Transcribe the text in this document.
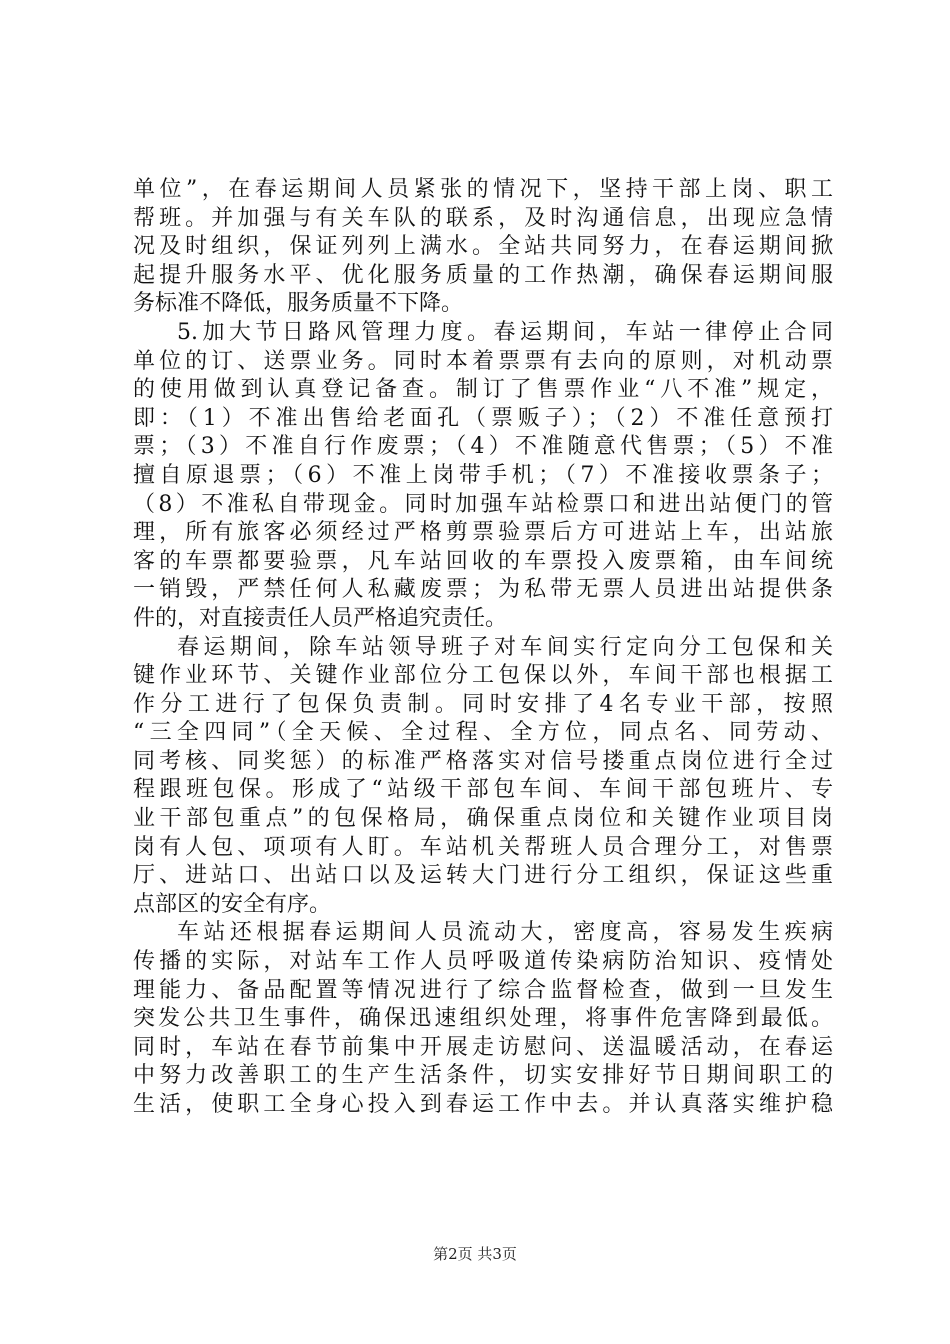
单位”，在春运期间人员紧张的情况下，坚持干部上岗、职工
帮班。并加强与有关车队的联系，及时沟通信息，出现应急情
况及时组织，保证列列上满水。全站共同努力，在春运期间掀
起提升服务水平、优化服务质量的工作热潮，确保春运期间服
务标准不降低，服务质量不下降。
5.加大节日路风管理力度。春运期间，车站一律停止合同
单位的订、送票业务。同时本着票票有去向的原则，对机动票
的使用做到认真登记备查。制订了售票作业“八不准”规定，
即：（1）不准出售给老面孔（票贩子）；（2）不准任意预打
票；（3）不准自行作废票；（4）不准随意代售票；（5）不准
擅自原退票；（6）不准上岗带手机；（7）不准接收票条子；
（8）不准私自带现金。同时加强车站检票口和进出站便门的管
理，所有旅客必须经过严格剪票验票后方可进站上车，出站旅
客的车票都要验票，凡车站回收的车票投入废票箱，由车间统
一销毁，严禁任何人私藏废票；为私带无票人员进出站提供条
件的，对直接责任人员严格追究责任。
春运期间，除车站领导班子对车间实行定向分工包保和关
键作业环节、关键作业部位分工包保以外，车间干部也根据工
作分工进行了包保负责制。同时安排了4名专业干部，按照
“三全四同”（全天候、全过程、全方位，同点名、同劳动、
同考核、同奖惩）的标准严格落实对信号搂重点岗位进行全过
程跟班包保。形成了“站级干部包车间、车间干部包班片、专
业干部包重点”的包保格局，确保重点岗位和关键作业项目岗
岗有人包、项项有人盯。车站机关帮班人员合理分工，对售票
厅、进站口、出站口以及运转大门进行分工组织，保证这些重
点部区的安全有序。
车站还根据春运期间人员流动大，密度高，容易发生疾病
传播的实际，对站车工作人员呼吸道传染病防治知识、疫情处
理能力、备品配置等情况进行了综合监督检查，做到一旦发生
突发公共卫生事件，确保迅速组织处理，将事件危害降到最低。
同时，车站在春节前集中开展走访慰问、送温暖活动，在春运
中努力改善职工的生产生活条件，切实安排好节日期间职工的
生活，使职工全身心投入到春运工作中去。并认真落实维护稳
第2页 共3页
